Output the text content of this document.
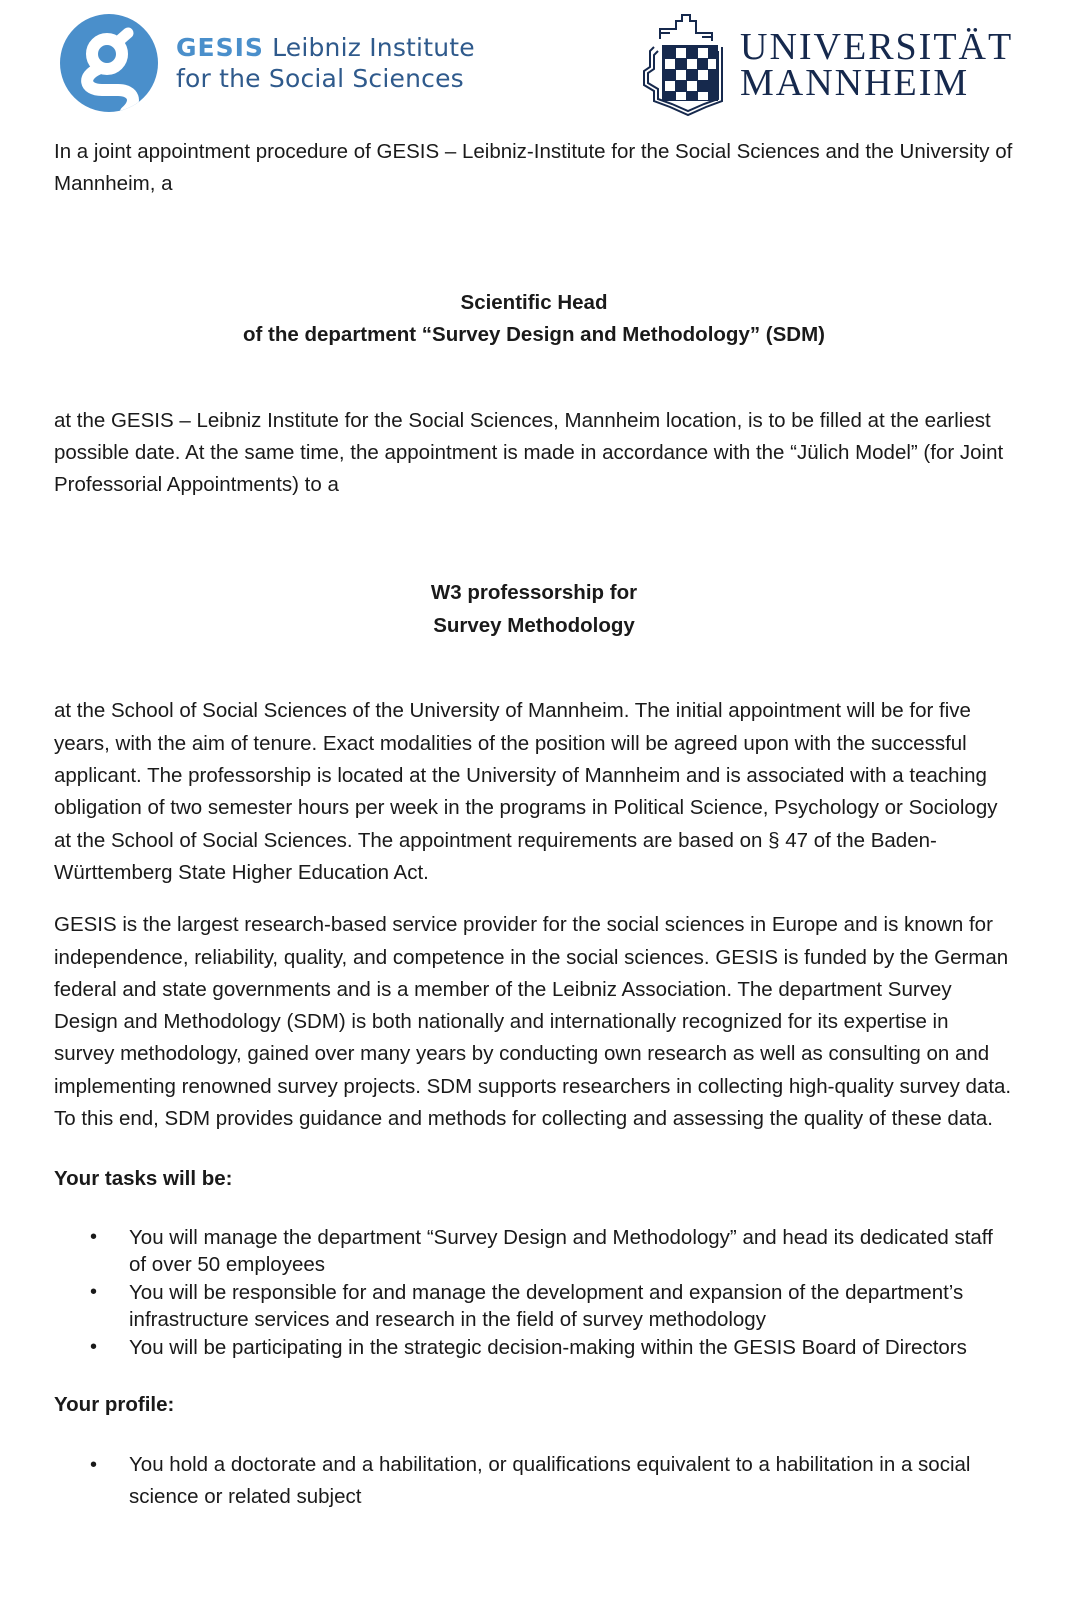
GESIS Leibniz Institute
for the Social Sciences
UNIVERSITÄT
MANNHEIM

In a joint appointment procedure of GESIS – Leibniz-Institute for the Social Sciences and the University of Mannheim, a

Scientific Head
of the department “Survey Design and Methodology” (SDM)

at the GESIS – Leibniz Institute for the Social Sciences, Mannheim location, is to be filled at the earliest possible date. At the same time, the appointment is made in accordance with the “Jülich Model” (for Joint Professorial Appointments) to a

W3 professorship for
Survey Methodology

at the School of Social Sciences of the University of Mannheim. The initial appointment will be for five years, with the aim of tenure. Exact modalities of the position will be agreed upon with the successful applicant. The professorship is located at the University of Mannheim and is associated with a teaching obligation of two semester hours per week in the programs in Political Science, Psychology or Sociology at the School of Social Sciences. The appointment requirements are based on § 47 of the Baden-Württemberg State Higher Education Act.

GESIS is the largest research-based service provider for the social sciences in Europe and is known for independence, reliability, quality, and competence in the social sciences. GESIS is funded by the German federal and state governments and is a member of the Leibniz Association. The department Survey Design and Methodology (SDM) is both nationally and internationally recognized for its expertise in survey methodology, gained over many years by conducting own research as well as consulting on and implementing renowned survey projects. SDM supports researchers in collecting high-quality survey data. To this end, SDM provides guidance and methods for collecting and assessing the quality of these data.

Your tasks will be:

• You will manage the department “Survey Design and Methodology” and head its dedicated staff of over 50 employees
• You will be responsible for and manage the development and expansion of the department’s infrastructure services and research in the field of survey methodology
• You will be participating in the strategic decision-making within the GESIS Board of Directors

Your profile:

• You hold a doctorate and a habilitation, or qualifications equivalent to a habilitation in a social science or related subject
